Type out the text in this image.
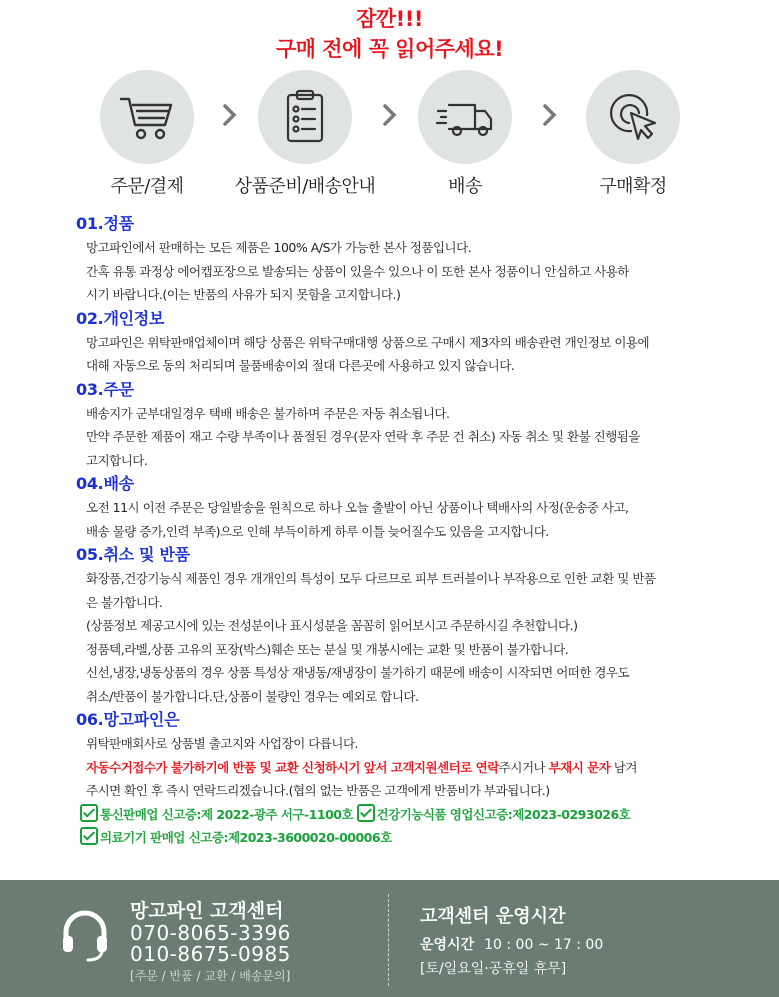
잠깐!!!
구매 전에 꼭 읽어주세요!
주문/결제	상품준비/배송안내	배송	구매확정
01.정품
망고파인에서 판매하는 모든 제품은 100% A/S가 가능한 본사 정품입니다.
간혹 유통 과정상 에어캡포장으로 발송되는 상품이 있을수 있으나 이 또한 본사 정품이니 안심하고 사용하
시기 바랍니다.(이는 반품의 사유가 되지 못함을 고지합니다.)
02.개인정보
망고파인은 위탁판매업체이며 해당 상품은 위탁구매대행 상품으로 구매시 제3자의 배송관련 개인정보 이용에
대해 자동으로 동의 처리되며 물품배송이외 절대 다른곳에 사용하고 있지 않습니다.
03.주문
배송지가 군부대일경우 택배 배송은 불가하며 주문은 자동 취소됩니다.
만약 주문한 제품이 재고 수량 부족이나 품절된 경우(문자 연락 후 주문 건 취소) 자동 취소 및 환불 진행됨을
고지합니다.
04.배송
오전 11시 이전 주문은 당일발송을 원칙으로 하나 오늘 출발이 아닌 상품이나 택배사의 사정(운송중 사고,
배송 물량 증가,인력 부족)으로 인해 부득이하게 하루 이틀 늦어질수도 있음을 고지합니다.
05.취소 및 반품
화장품,건강기능식 제품인 경우 개개인의 특성이 모두 다르므로 피부 트러블이나 부작용으로 인한 교환 및 반품
은 불가합니다.
(상품정보 제공고시에 있는 전성분이나 표시성분을 꼼꼼히 읽어보시고 주문하시길 추천합니다.)
정품텍,라벨,상품 고유의 포장(박스)훼손 또는 분실 및 개봉시에는 교환 및 반품이 불가합니다.
신선,냉장,냉동상품의 경우 상품 특성상 재냉동/재냉장이 불가하기 때문에 배송이 시작되면 어떠한 경우도
취소/반품이 불가합니다.단,상품이 불량인 경우는 예외로 합니다.
06.망고파인은
위탁판매회사로 상품별 출고지와 사업장이 다릅니다.
자동수거접수가 불가하기에 반품 및 교환 신청하시기 앞서 고객지원센터로 연락주시거나 부재시 문자 남겨
주시면 확인 후 즉시 연락드리겠습니다.(협의 없는 반품은 고객에게 반품비가 부과됩니다.)
통신판매업 신고증:제 2022-광주 서구-1100호 건강기능식품 영업신고증:제2023-0293026호
의료기기 판매업 신고증:제2023-3600020-00006호
망고파인 고객센터
070-8065-3396
010-8675-0985
[주문 / 반품 / 교환 / 배송문의]
고객센터 운영시간
운영시간 10 : 00 ~ 17 : 00
[토/일요일·공휴일 휴무]
